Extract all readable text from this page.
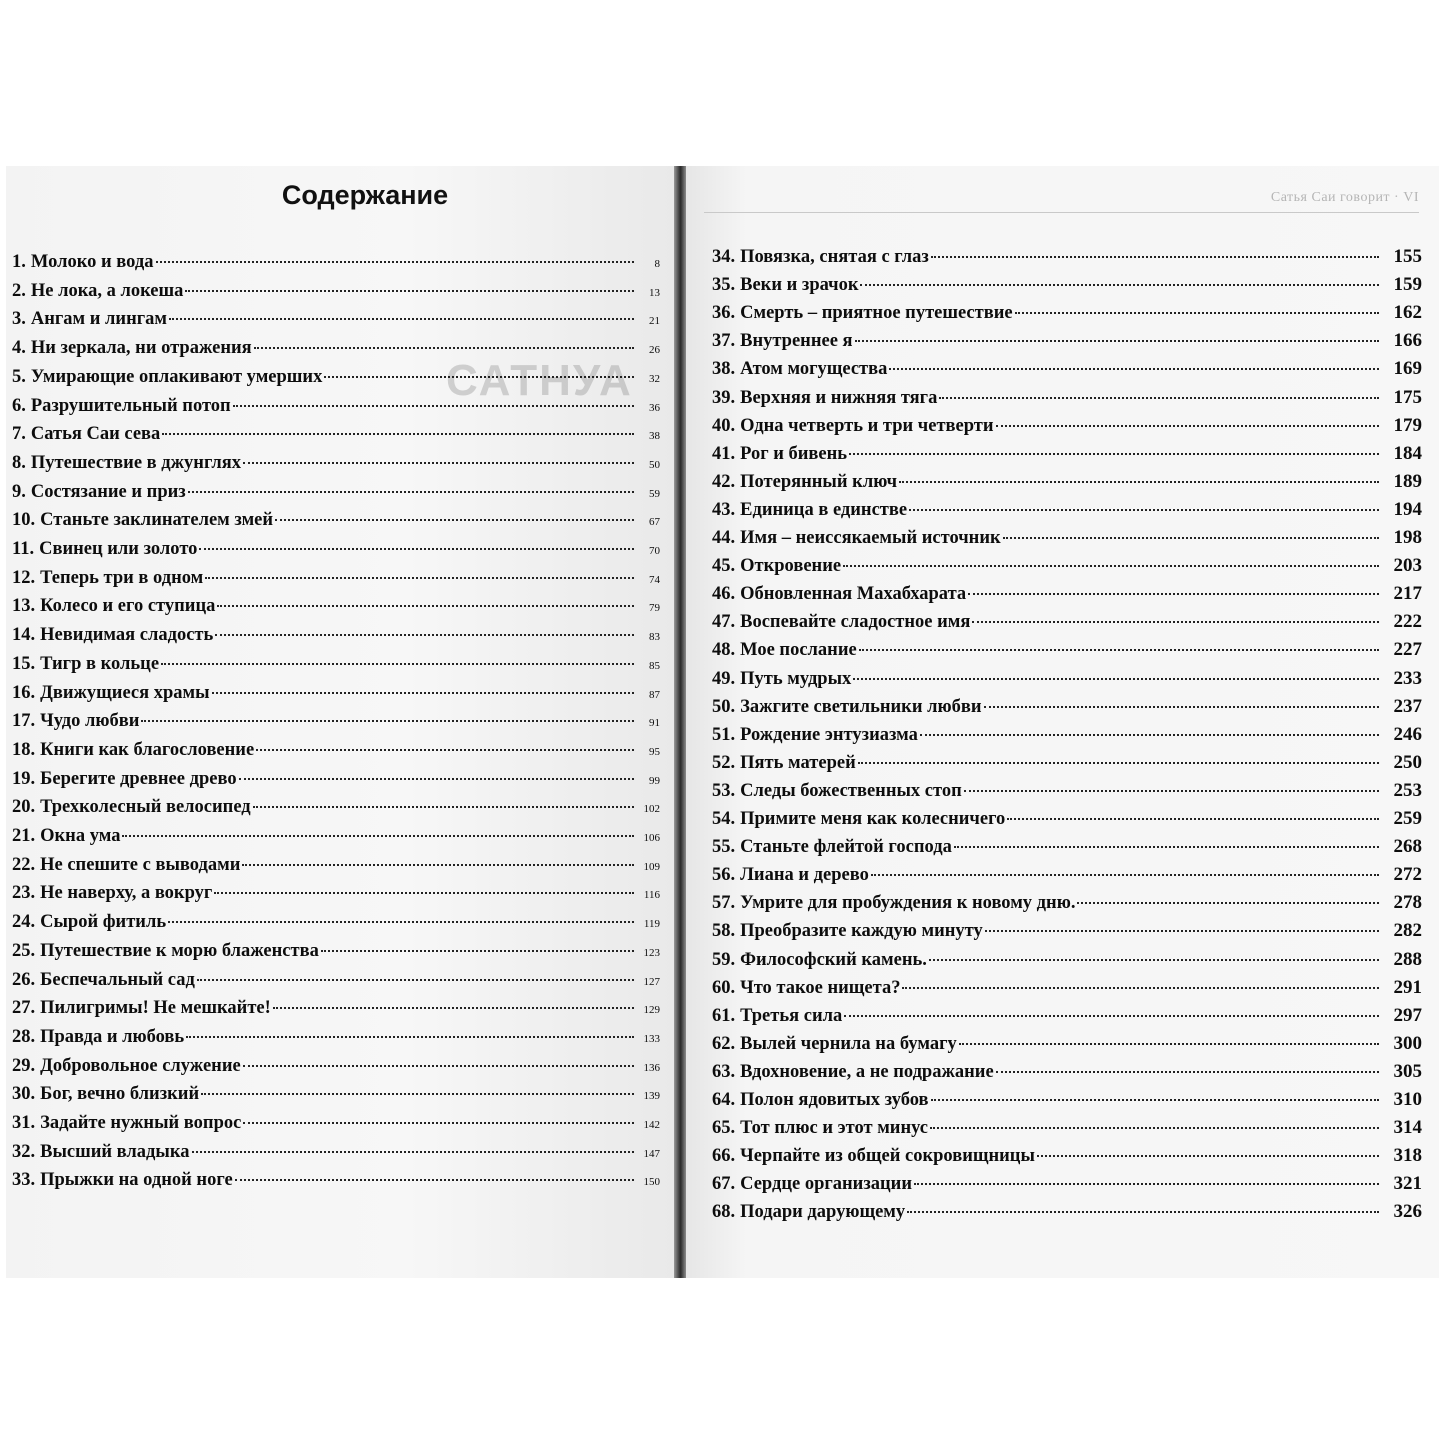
САТНУА
Содержание
1. Молоко и вода	8
2. Не лока, а локеша	13
3. Ангам и лингам	21
4. Ни зеркала, ни отражения	26
5. Умирающие оплакивают умерших	32
6. Разрушительный потоп	36
7. Сатья Саи сева	38
8. Путешествие в джунглях	50
9. Состязание и приз	59
10. Станьте заклинателем змей	67
11. Свинец или золото	70
12. Теперь три в одном	74
13. Колесо и его ступица	79
14. Невидимая сладость	83
15. Тигр в кольце	85
16. Движущиеся храмы	87
17. Чудо любви	91
18. Книги как благословение	95
19. Берегите древнее древо	99
20. Трехколесный велосипед	102
21. Окна ума	106
22. Не спешите с выводами	109
23. Не наверху, а вокруг	116
24. Сырой фитиль	119
25. Путешествие к морю блаженства	123
26. Беспечальный сад	127
27. Пилигримы! Не мешкайте!	129
28. Правда и любовь	133
29. Добровольное служение	136
30. Бог, вечно близкий	139
31. Задайте нужный вопрос	142
32. Высший владыка	147
33. Прыжки на одной ноге	150
Сатья Саи говорит · VI
34. Повязка, снятая с глаз	155
35. Веки и зрачок	159
36. Смерть – приятное путешествие	162
37. Внутреннее я	166
38. Атом могущества	169
39. Верхняя и нижняя тяга	175
40. Одна четверть и три четверти	179
41. Рог и бивень	184
42. Потерянный ключ	189
43. Единица в единстве	194
44. Имя – неиссякаемый источник	198
45. Откровение	203
46. Обновленная Махабхарата	217
47. Воспевайте сладостное имя	222
48. Мое послание	227
49. Путь мудрых	233
50. Зажгите светильники любви	237
51. Рождение энтузиазма	246
52. Пять матерей	250
53. Следы божественных стоп	253
54. Примите меня как колесничего	259
55. Станьте флейтой господа	268
56. Лиана и дерево	272
57. Умрите для пробуждения к новому дню.	278
58. Преобразите каждую минуту	282
59. Философский камень.	288
60. Что такое нищета?	291
61. Третья сила	297
62. Вылей чернила на бумагу	300
63. Вдохновение, а не подражание	305
64. Полон ядовитых зубов	310
65. Тот плюс и этот минус	314
66. Черпайте из общей сокровищницы	318
67. Сердце организации	321
68. Подари дарующему	326
